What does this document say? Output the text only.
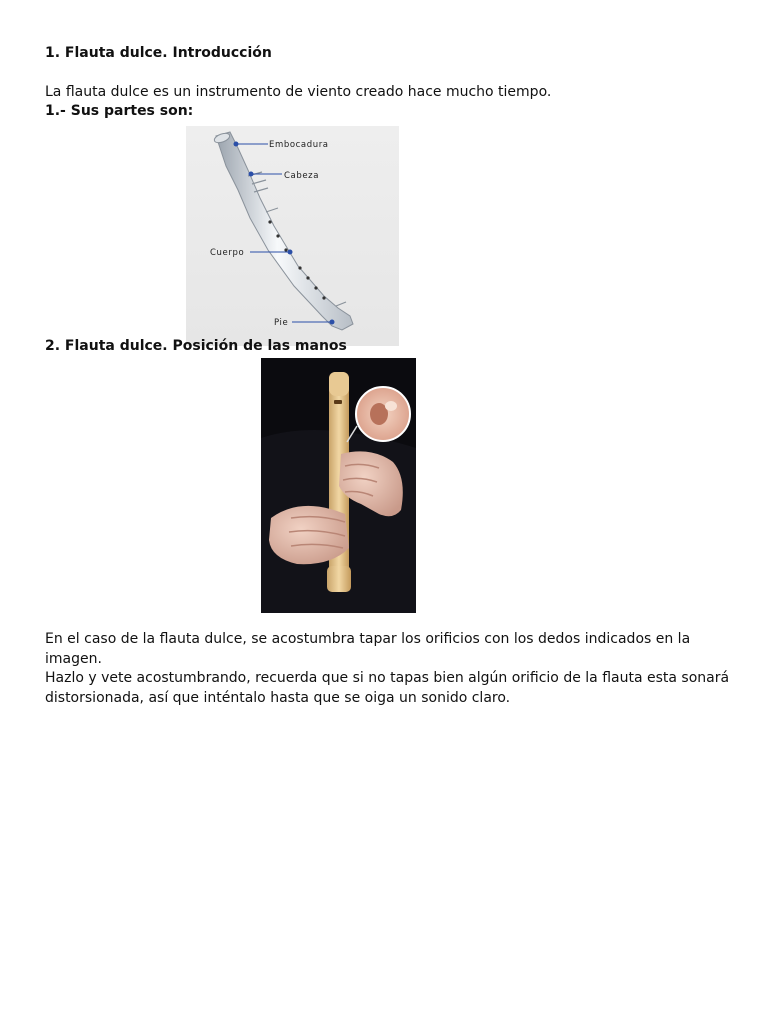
1. Flauta dulce. Introducción
La flauta dulce es un instrumento de viento creado hace mucho tiempo.
1.- Sus partes son:
Embocadura
Cabeza
Cuerpo
Pie
2. Flauta dulce. Posición de las manos
En el caso de la flauta dulce, se acostumbra tapar los orificios con los dedos indicados en la imagen.
Hazlo y vete acostumbrando, recuerda que si no tapas bien algún orificio de la flauta esta sonará distorsionada, así que inténtalo hasta que se oiga un sonido claro.
